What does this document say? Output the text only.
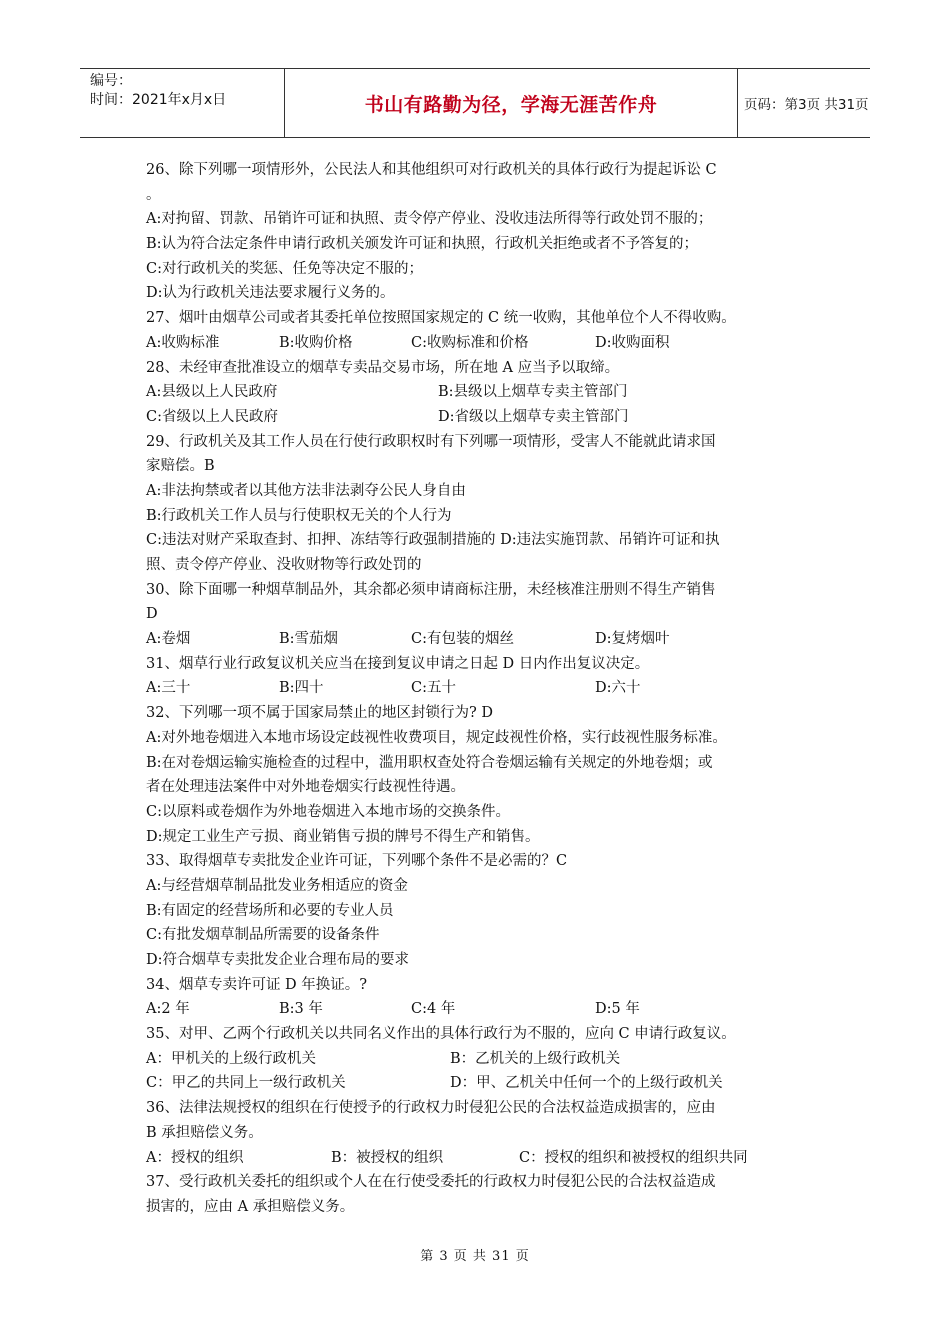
编号：
时间：2021年x月x日	书山有路勤为径，学海无涯苦作舟	页码：第3页 共31页
26、除下列哪一项情形外，公民法人和其他组织可对行政机关的具体行政行为提起诉讼 C
。
A:对拘留、罚款、吊销许可证和执照、责令停产停业、没收违法所得等行政处罚不服的；
B:认为符合法定条件申请行政机关颁发许可证和执照，行政机关拒绝或者不予答复的；
C:对行政机关的奖惩、任免等决定不服的；
D:认为行政机关违法要求履行义务的。
27、烟叶由烟草公司或者其委托单位按照国家规定的 C 统一收购，其他单位个人不得收购。
A:收购标准	B:收购价格	C:收购标准和价格	D:收购面积
28、未经审查批准设立的烟草专卖品交易市场，所在地 A 应当予以取缔。
A:县级以上人民政府	B:县级以上烟草专卖主管部门
C:省级以上人民政府	D:省级以上烟草专卖主管部门
29、行政机关及其工作人员在行使行政职权时有下列哪一项情形，受害人不能就此请求国
家赔偿。B
A:非法拘禁或者以其他方法非法剥夺公民人身自由
B:行政机关工作人员与行使职权无关的个人行为
C:违法对财产采取查封、扣押、冻结等行政强制措施的 D:违法实施罚款、吊销许可证和执
照、责令停产停业、没收财物等行政处罚的
30、除下面哪一种烟草制品外，其余都必须申请商标注册，未经核准注册则不得生产销售
D
A:卷烟	B:雪茄烟	C:有包装的烟丝	D:复烤烟叶
31、烟草行业行政复议机关应当在接到复议申请之日起 D 日内作出复议决定。
A:三十	B:四十	C:五十	D:六十
32、下列哪一项不属于国家局禁止的地区封锁行为? D
A:对外地卷烟进入本地市场设定歧视性收费项目，规定歧视性价格，实行歧视性服务标准。
B:在对卷烟运输实施检查的过程中，滥用职权查处符合卷烟运输有关规定的外地卷烟；或
者在处理违法案件中对外地卷烟实行歧视性待遇。
C:以原料或卷烟作为外地卷烟进入本地市场的交换条件。
D:规定工业生产亏损、商业销售亏损的牌号不得生产和销售。
33、取得烟草专卖批发企业许可证，下列哪个条件不是必需的？C
A:与经营烟草制品批发业务相适应的资金
B:有固定的经营场所和必要的专业人员
C:有批发烟草制品所需要的设备条件
D:符合烟草专卖批发企业合理布局的要求
34、烟草专卖许可证 D 年换证。?
A:2 年	B:3 年	C:4 年	D:5 年
35、对甲、乙两个行政机关以共同名义作出的具体行政行为不服的，应向 C 申请行政复议。
A：甲机关的上级行政机关	B：乙机关的上级行政机关
C：甲乙的共同上一级行政机关	D：甲、乙机关中任何一个的上级行政机关
36、法律法规授权的组织在行使授予的行政权力时侵犯公民的合法权益造成损害的，应由
B 承担赔偿义务。
A：授权的组织	B：被授权的组织	C：授权的组织和被授权的组织共同
37、受行政机关委托的组织或个人在在行使受委托的行政权力时侵犯公民的合法权益造成
损害的，应由 A 承担赔偿义务。
第 3 页 共 31 页
